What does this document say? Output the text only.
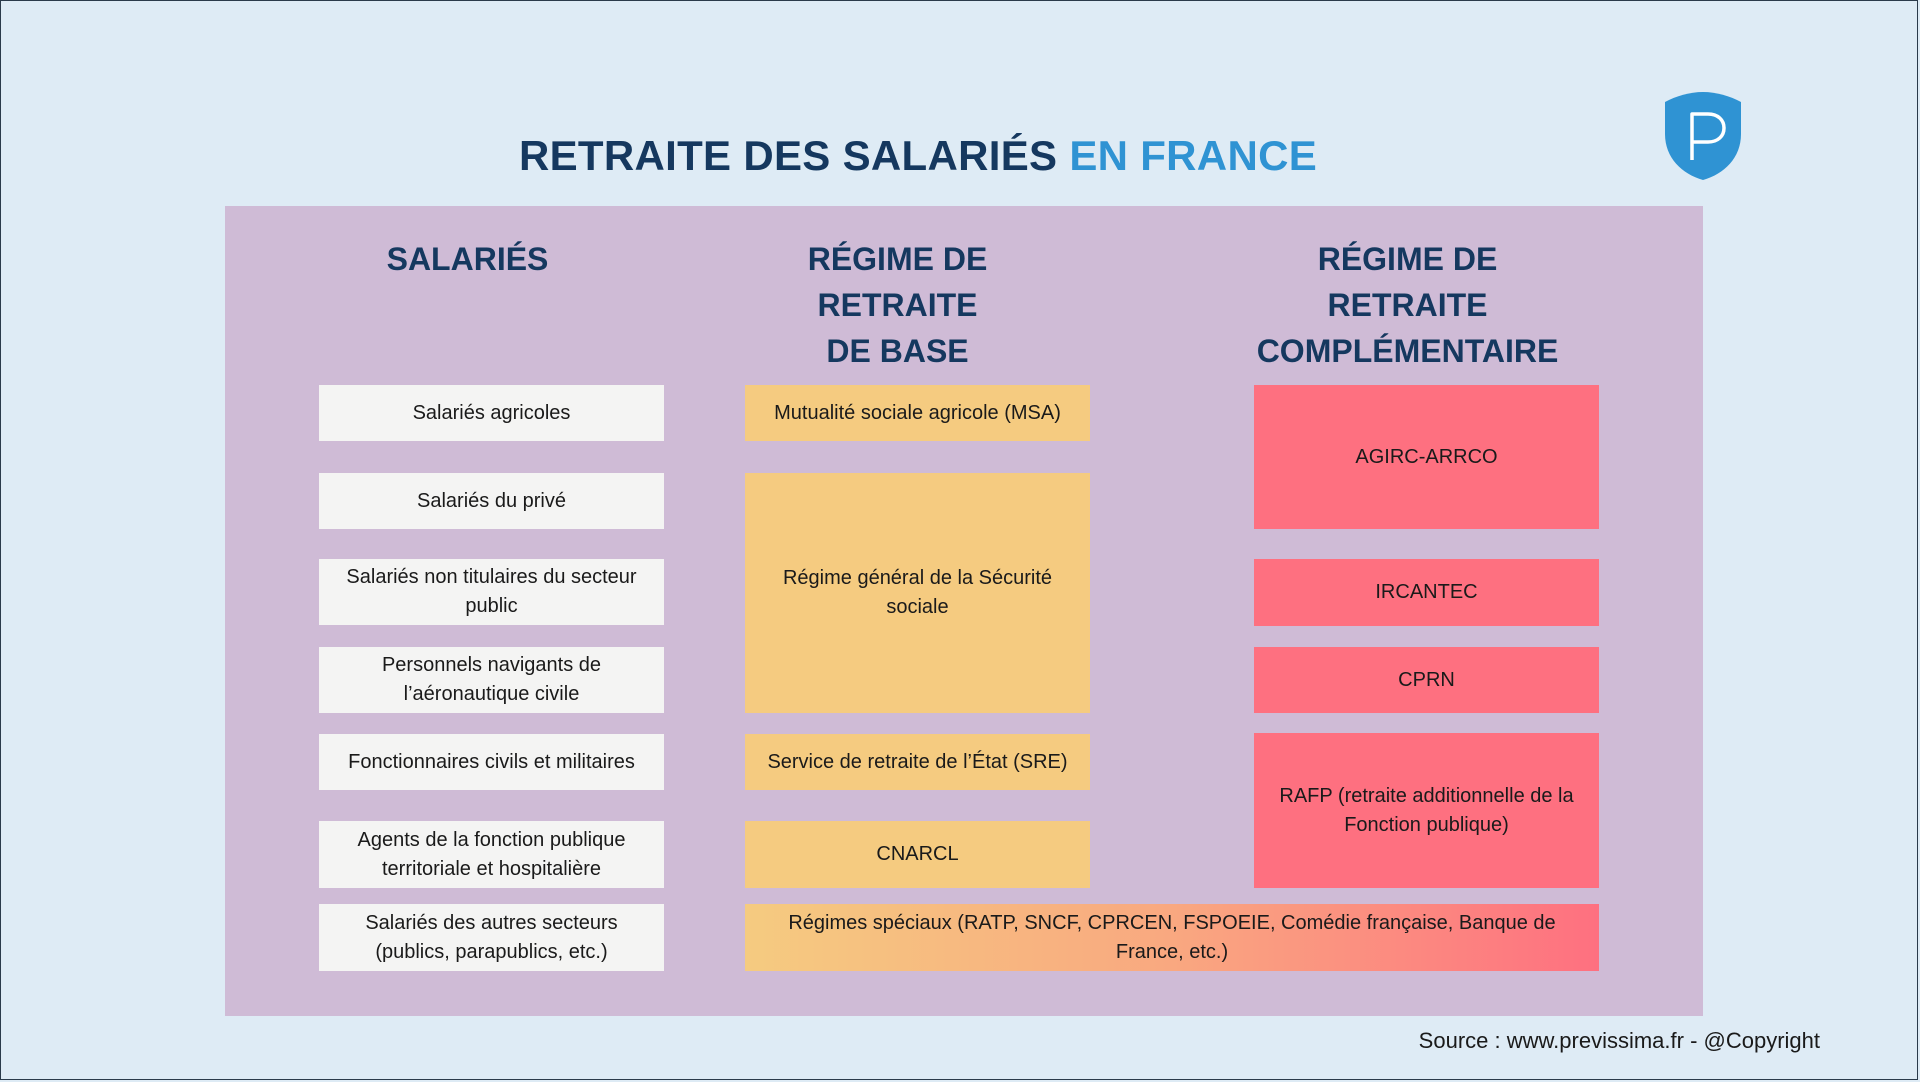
RETRAITE DES SALARIÉS EN FRANCE
SALARIÉS	RÉGIME DE RETRAITE
DE BASE
RÉGIME DE RETRAITE
COMPLÉMENTAIRE
Salariés agricoles
Salariés du privé
Salariés non titulaires du secteur public
Personnels navigants de l’aéronautique civile
Fonctionnaires civils et militaires
Agents de la fonction publique territoriale et hospitalière
Salariés des autres secteurs (publics, parapublics, etc.)
Mutualité sociale agricole (MSA)
Régime général de la Sécurité sociale
Service de retraite de l’État (SRE)
CNARCL
AGIRC-ARRCO
IRCANTEC
CPRN
RAFP (retraite additionnelle de la Fonction publique)
Régimes spéciaux (RATP, SNCF, CPRCEN, FSPOEIE, Comédie française, Banque de France, etc.)
Source : www.previssima.fr - @Copyright
